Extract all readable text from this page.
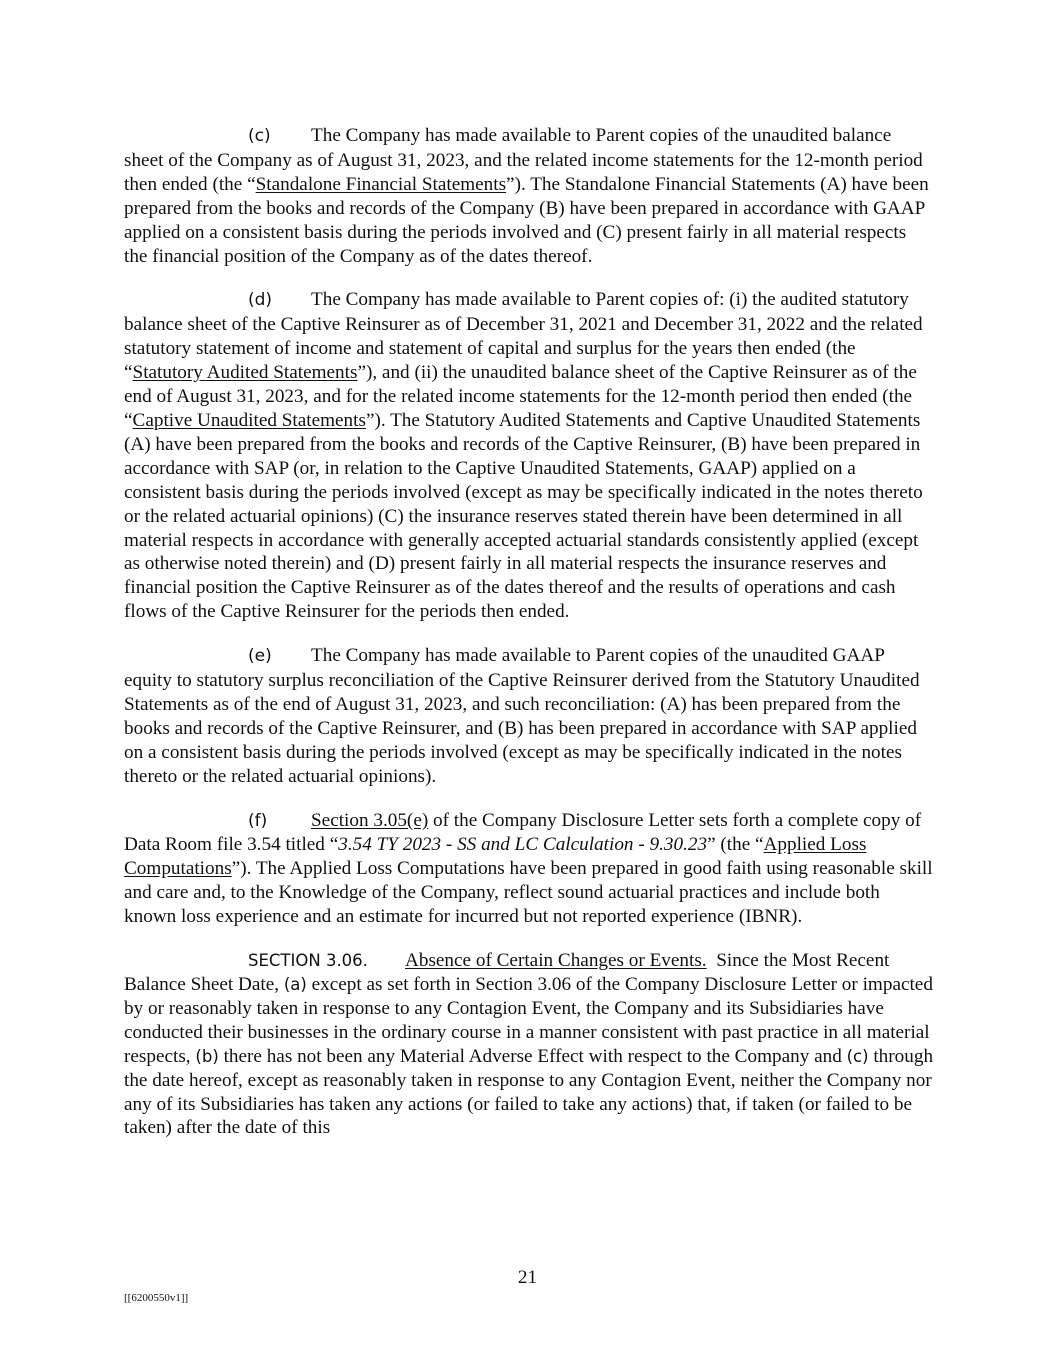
(c) The Company has made available to Parent copies of the unaudited balance sheet of the Company as of August 31, 2023, and the related income statements for the 12-month period then ended (the “Standalone Financial Statements”). The Standalone Financial Statements (A) have been prepared from the books and records of the Company (B) have been prepared in accordance with GAAP applied on a consistent basis during the periods involved and (C) present fairly in all material respects the financial position of the Company as of the dates thereof.

(d) The Company has made available to Parent copies of: (i) the audited statutory balance sheet of the Captive Reinsurer as of December 31, 2021 and December 31, 2022 and the related statutory statement of income and statement of capital and surplus for the years then ended (the “Statutory Audited Statements”), and (ii) the unaudited balance sheet of the Captive Reinsurer as of the end of August 31, 2023, and for the related income statements for the 12-month period then ended (the “Captive Unaudited Statements”). The Statutory Audited Statements and Captive Unaudited Statements (A) have been prepared from the books and records of the Captive Reinsurer, (B) have been prepared in accordance with SAP (or, in relation to the Captive Unaudited Statements, GAAP) applied on a consistent basis during the periods involved (except as may be specifically indicated in the notes thereto or the related actuarial opinions) (C) the insurance reserves stated therein have been determined in all material respects in accordance with generally accepted actuarial standards consistently applied (except as otherwise noted therein) and (D) present fairly in all material respects the insurance reserves and financial position the Captive Reinsurer as of the dates thereof and the results of operations and cash flows of the Captive Reinsurer for the periods then ended.

(e) The Company has made available to Parent copies of the unaudited GAAP equity to statutory surplus reconciliation of the Captive Reinsurer derived from the Statutory Unaudited Statements as of the end of August 31, 2023, and such reconciliation: (A) has been prepared from the books and records of the Captive Reinsurer, and (B) has been prepared in accordance with SAP applied on a consistent basis during the periods involved (except as may be specifically indicated in the notes thereto or the related actuarial opinions).

(f) Section 3.05(e) of the Company Disclosure Letter sets forth a complete copy of Data Room file 3.54 titled “3.54 TY 2023 - SS and LC Calculation - 9.30.23” (the “Applied Loss Computations”). The Applied Loss Computations have been prepared in good faith using reasonable skill and care and, to the Knowledge of the Company, reflect sound actuarial practices and include both known loss experience and an estimate for incurred but not reported experience (IBNR).

SECTION 3.06. Absence of Certain Changes or Events. Since the Most Recent Balance Sheet Date, (a) except as set forth in Section 3.06 of the Company Disclosure Letter or impacted by or reasonably taken in response to any Contagion Event, the Company and its Subsidiaries have conducted their businesses in the ordinary course in a manner consistent with past practice in all material respects, (b) there has not been any Material Adverse Effect with respect to the Company and (c) through the date hereof, except as reasonably taken in response to any Contagion Event, neither the Company nor any of its Subsidiaries has taken any actions (or failed to take any actions) that, if taken (or failed to be taken) after the date of this

21
[[6200550v1]]
